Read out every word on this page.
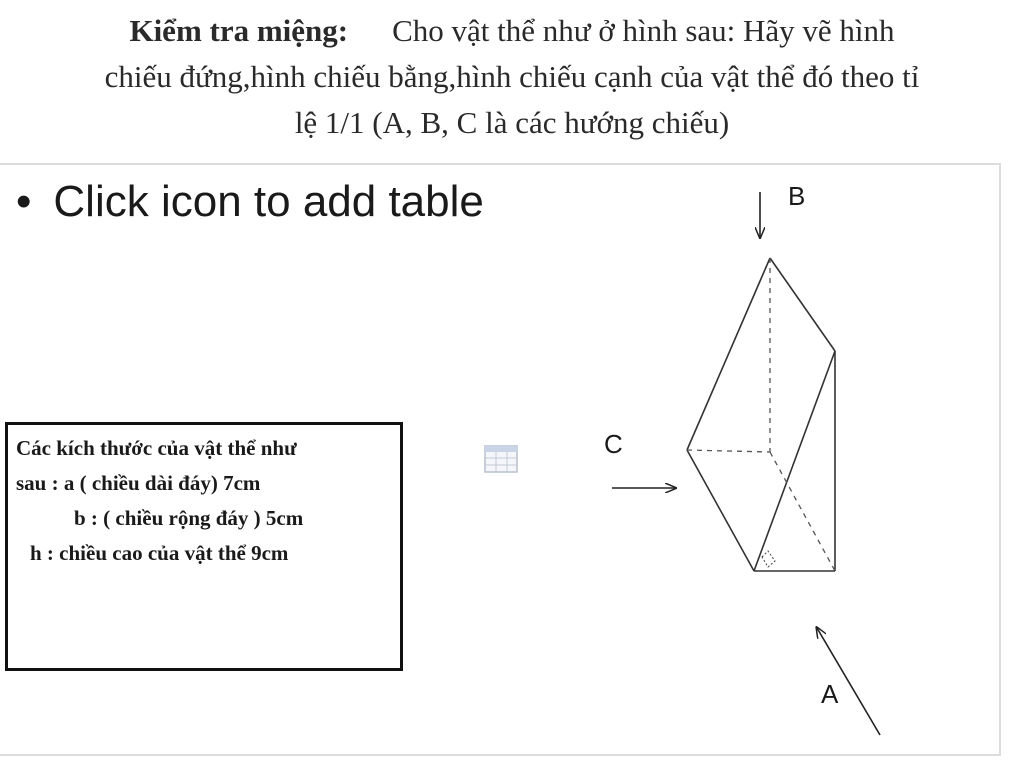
Kiểm tra miệng: Cho vật thể như ở hình sau: Hãy vẽ hình
chiếu đứng,hình chiếu bằng,hình chiếu cạnh của vật thể đó theo tỉ
lệ 1/1 (A, B, C là các hướng chiếu)
• Click icon to add table
Các kích thước của vật thể như
sau : a ( chiều dài đáy) 7cm
b : ( chiều rộng đáy ) 5cm
h : chiều cao của vật thể 9cm
B
C
A
